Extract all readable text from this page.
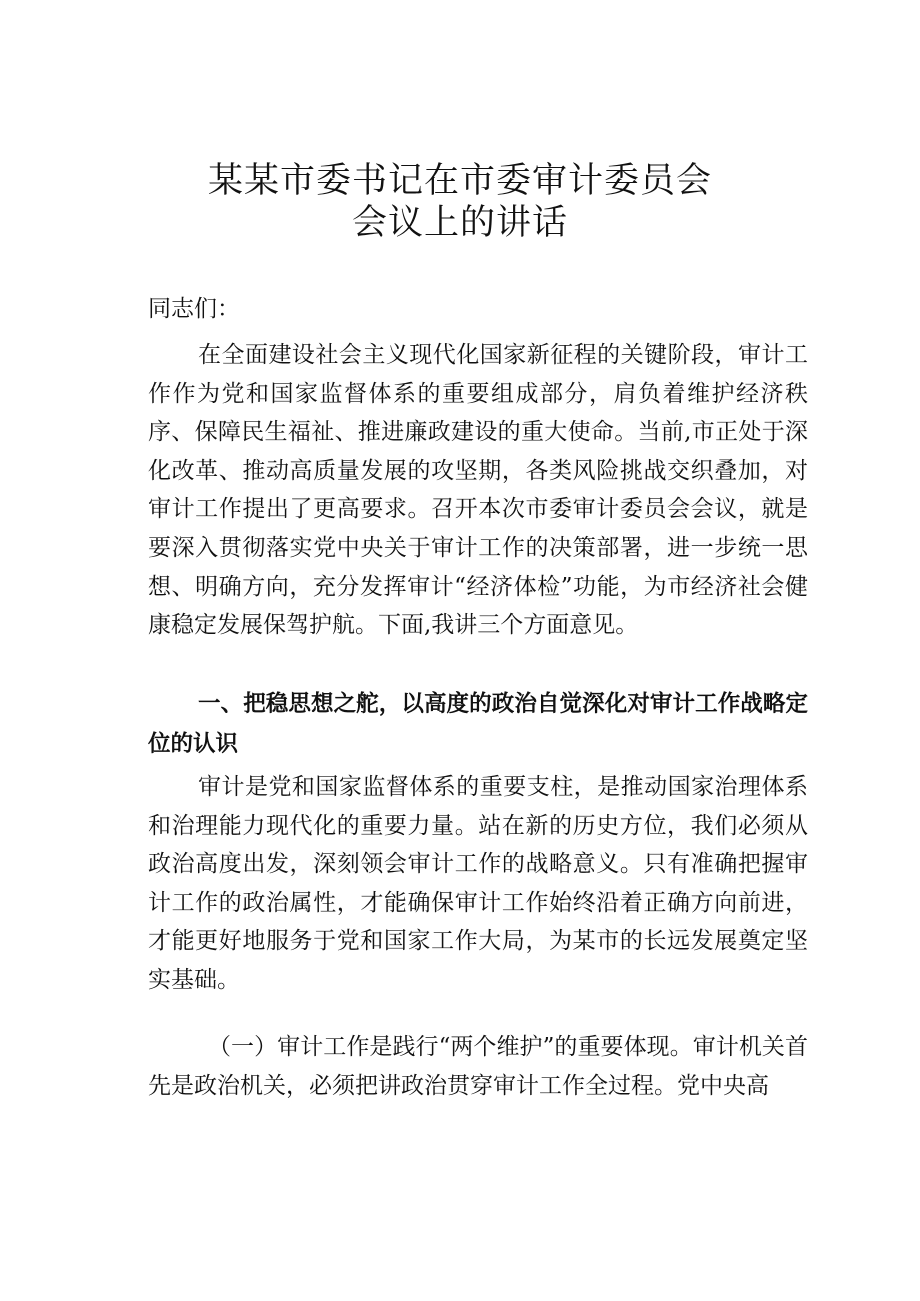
某某市委书记在市委审计委员会
会议上的讲话

同志们：

在全面建设社会主义现代化国家新征程的关键阶段，审计工作作为党和国家监督体系的重要组成部分，肩负着维护经济秩序、保障民生福祉、推进廉政建设的重大使命。当前,市正处于深化改革、推动高质量发展的攻坚期，各类风险挑战交织叠加，对审计工作提出了更高要求。召开本次市委审计委员会会议，就是要深入贯彻落实党中央关于审计工作的决策部署，进一步统一思想、明确方向，充分发挥审计“经济体检”功能，为市经济社会健康稳定发展保驾护航。下面,我讲三个方面意见。

一、把稳思想之舵，以高度的政治自觉深化对审计工作战略定位的认识

审计是党和国家监督体系的重要支柱，是推动国家治理体系和治理能力现代化的重要力量。站在新的历史方位，我们必须从政治高度出发，深刻领会审计工作的战略意义。只有准确把握审计工作的政治属性，才能确保审计工作始终沿着正确方向前进，才能更好地服务于党和国家工作大局，为某市的长远发展奠定坚实基础。

（一）审计工作是践行“两个维护”的重要体现。审计机关首先是政治机关，必须把讲政治贯穿审计工作全过程。党中央高
